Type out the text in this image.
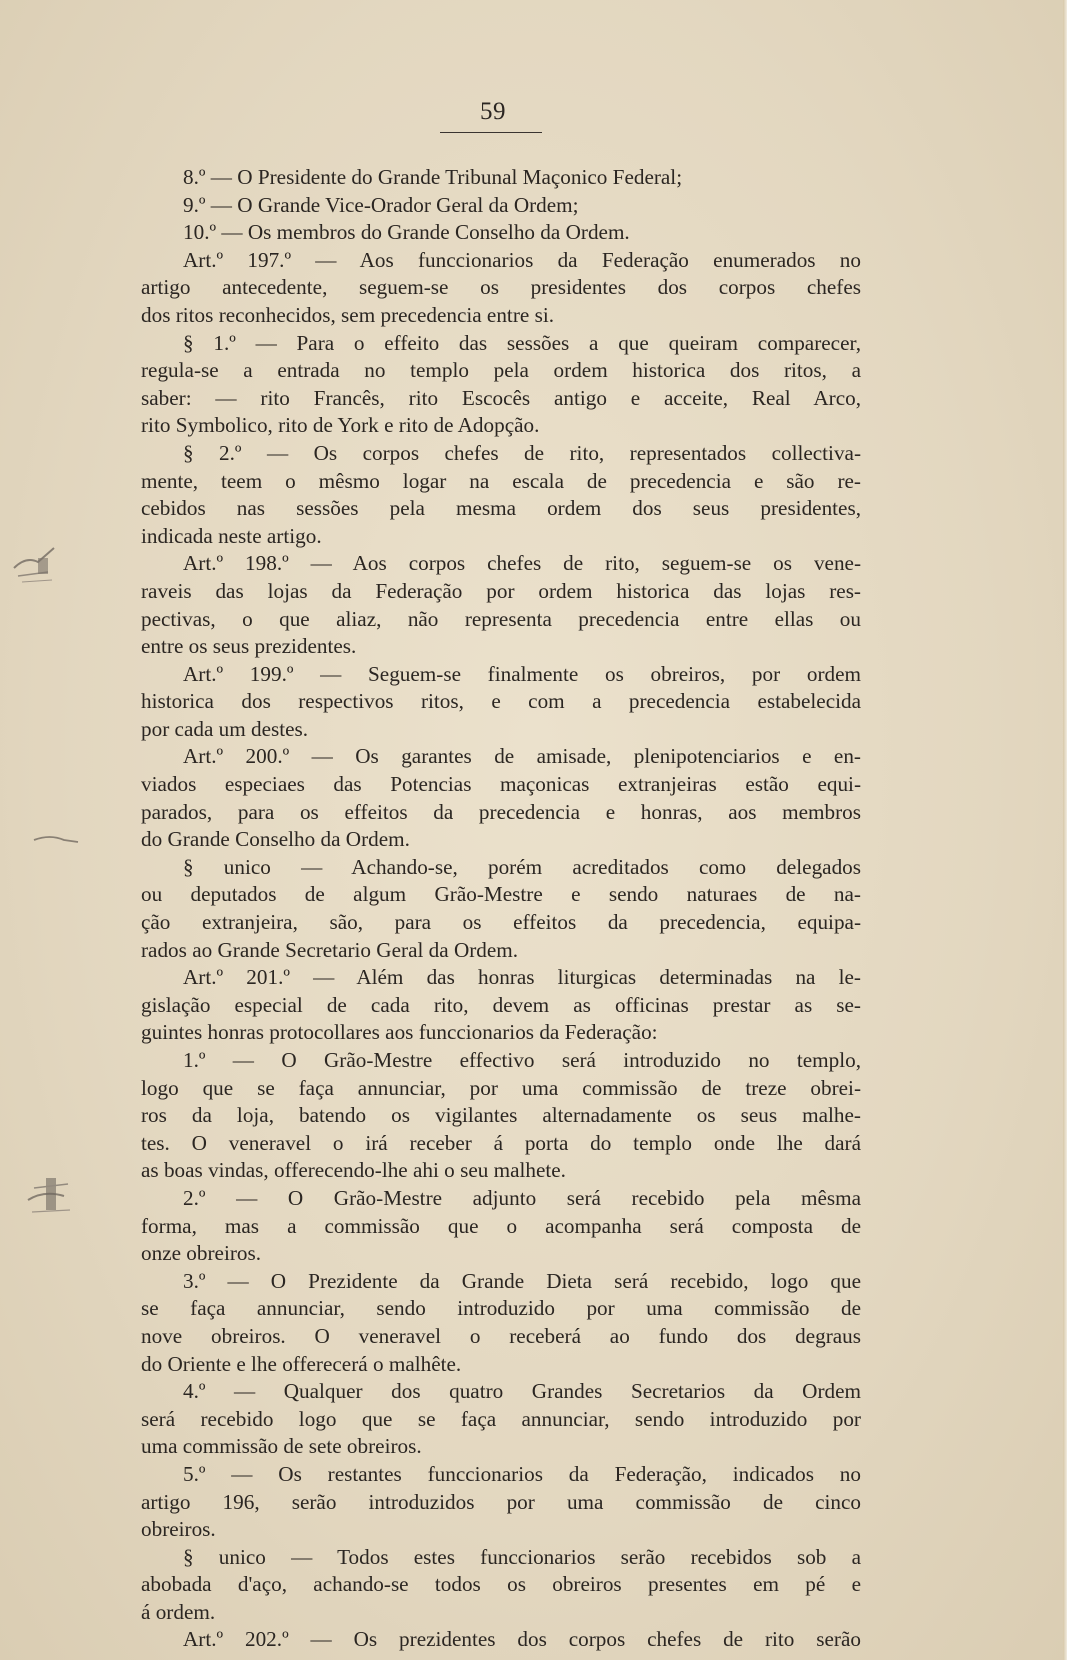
59
8.º — O Presidente do Grande Tribunal Maçonico Federal;
9.º — O Grande Vice-Orador Geral da Ordem;
10.º — Os membros do Grande Conselho da Ordem.
Art.º 197.º — Aos funccionarios da Federação enumerados no
artigo antecedente, seguem-se os presidentes dos corpos chefes
dos ritos reconhecidos, sem precedencia entre si.
§ 1.º — Para o effeito das sessões a que queiram comparecer,
regula-se a entrada no templo pela ordem historica dos ritos, a
saber: — rito Francês, rito Escocês antigo e acceite, Real Arco,
rito Symbolico, rito de York e rito de Adopção.
§ 2.º — Os corpos chefes de rito, representados collectiva-
mente, teem o mêsmo logar na escala de precedencia e são re-
cebidos nas sessões pela mesma ordem dos seus presidentes,
indicada neste artigo.
Art.º 198.º — Aos corpos chefes de rito, seguem-se os vene-
raveis das lojas da Federação por ordem historica das lojas res-
pectivas, o que aliaz, não representa precedencia entre ellas ou
entre os seus prezidentes.
Art.º 199.º — Seguem-se finalmente os obreiros, por ordem
historica dos respectivos ritos, e com a precedencia estabelecida
por cada um destes.
Art.º 200.º — Os garantes de amisade, plenipotenciarios e en-
viados especiaes das Potencias maçonicas extranjeiras estão equi-
parados, para os effeitos da precedencia e honras, aos membros
do Grande Conselho da Ordem.
§ unico — Achando-se, porém acreditados como delegados
ou deputados de algum Grão-Mestre e sendo naturaes de na-
ção extranjeira, são, para os effeitos da precedencia, equipa-
rados ao Grande Secretario Geral da Ordem.
Art.º 201.º — Além das honras liturgicas determinadas na le-
gislação especial de cada rito, devem as officinas prestar as se-
guintes honras protocollares aos funccionarios da Federação:
1.º — O Grão-Mestre effectivo será introduzido no templo,
logo que se faça annunciar, por uma commissão de treze obrei-
ros da loja, batendo os vigilantes alternadamente os seus malhe-
tes. O veneravel o irá receber á porta do templo onde lhe dará
as boas vindas, offerecendo-lhe ahi o seu malhete.
2.º — O Grão-Mestre adjunto será recebido pela mêsma
forma, mas a commissão que o acompanha será composta de
onze obreiros.
3.º — O Prezidente da Grande Dieta será recebido, logo que
se faça annunciar, sendo introduzido por uma commissão de
nove obreiros. O veneravel o receberá ao fundo dos degraus
do Oriente e lhe offerecerá o malhête.
4.º — Qualquer dos quatro Grandes Secretarios da Ordem
será recebido logo que se faça annunciar, sendo introduzido por
uma commissão de sete obreiros.
5.º — Os restantes funccionarios da Federação, indicados no
artigo 196, serão introduzidos por uma commissão de cinco
obreiros.
§ unico — Todos estes funccionarios serão recebidos sob a
abobada d'aço, achando-se todos os obreiros presentes em pé e
á ordem.
Art.º 202.º — Os prezidentes dos corpos chefes de rito serão
